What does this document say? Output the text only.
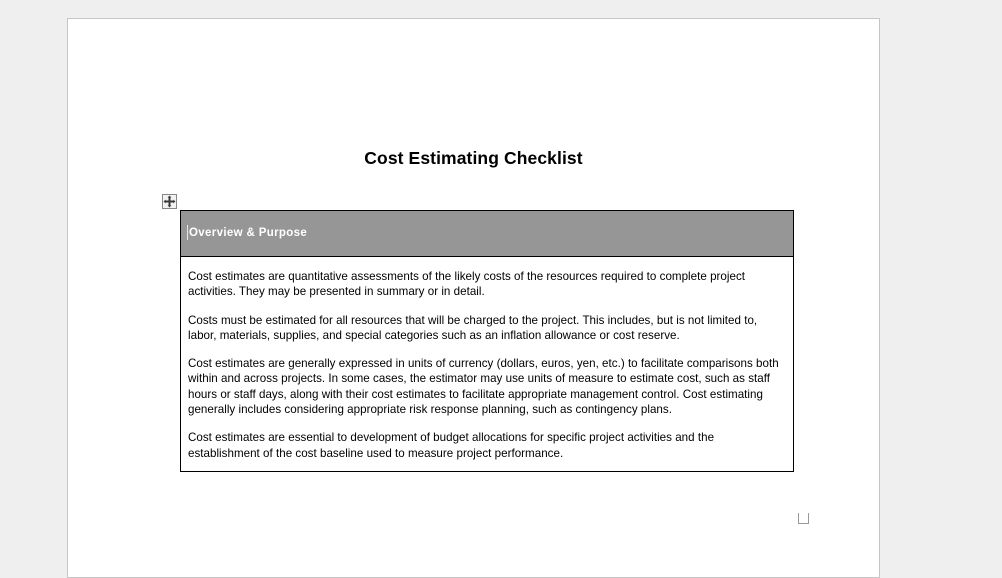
Cost Estimating Checklist
Overview & Purpose

Cost estimates are quantitative assessments of the likely costs of the resources required to complete project activities. They may be presented in summary or in detail.

Costs must be estimated for all resources that will be charged to the project. This includes, but is not limited to, labor, materials, supplies, and special categories such as an inflation allowance or cost reserve.

Cost estimates are generally expressed in units of currency (dollars, euros, yen, etc.) to facilitate comparisons both within and across projects. In some cases, the estimator may use units of measure to estimate cost, such as staff hours or staff days, along with their cost estimates to facilitate appropriate management control. Cost estimating generally includes considering appropriate risk response planning, such as contingency plans.

Cost estimates are essential to development of budget allocations for specific project activities and the establishment of the cost baseline used to measure project performance.
